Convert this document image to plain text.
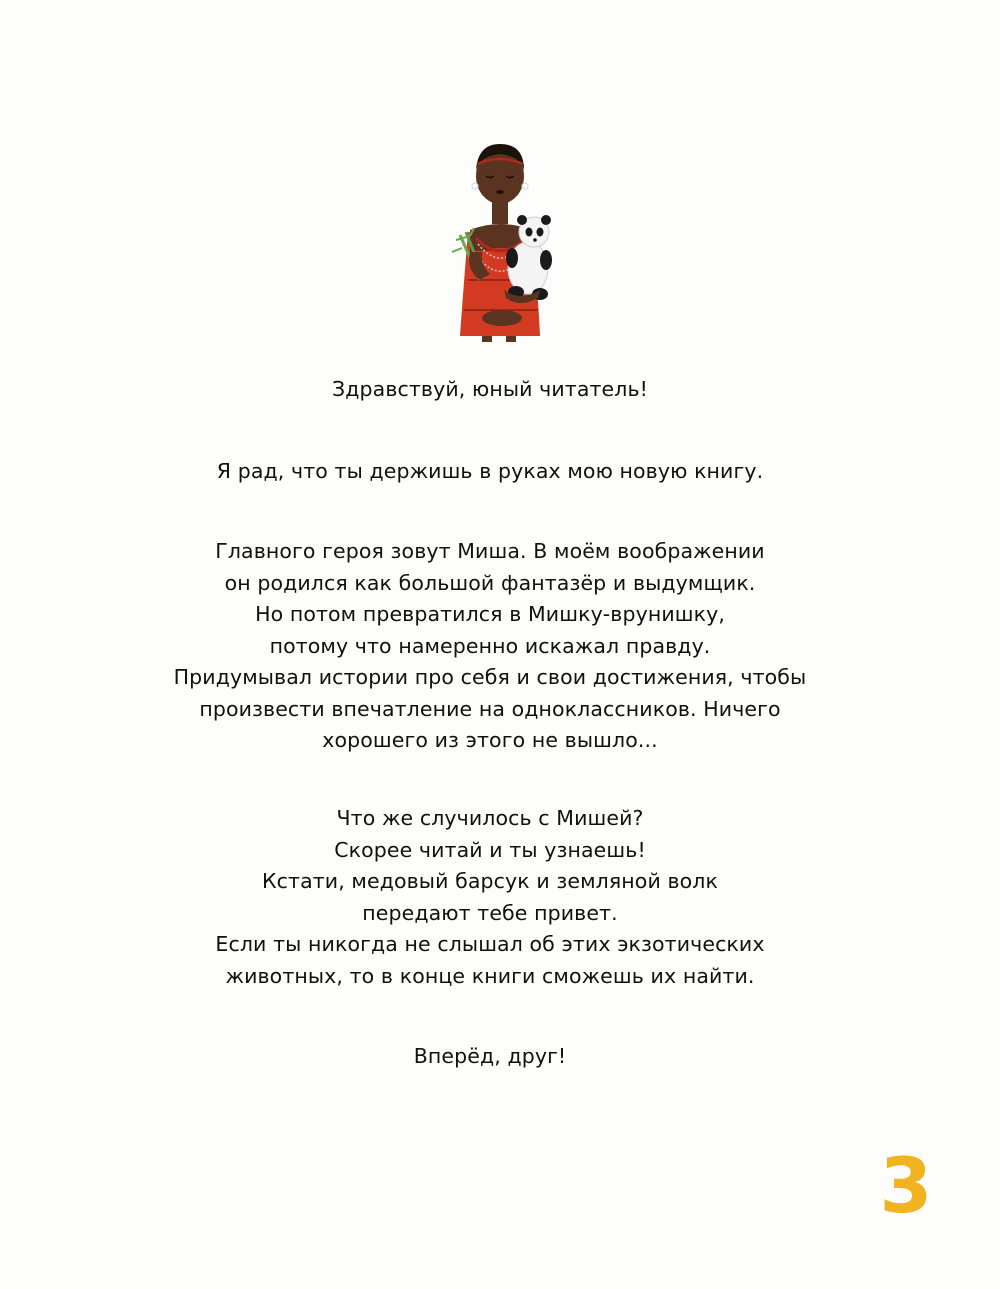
Здравствуй, юный читатель!

Я рад, что ты держишь в руках мою новую книгу.

Главного героя зовут Миша. В моём воображении

он родился как большой фантазёр и выдумщик.

Но потом превратился в Мишку-врунишку,

потому что намеренно искажал правду.

Придумывал истории про себя и свои достижения, чтобы

произвести впечатление на одноклассников. Ничего

хорошего из этого не вышло...

Что же случилось с Мишей?

Скорее читай и ты узнаешь!

Кстати, медовый барсук и земляной волк

передают тебе привет.

Если ты никогда не слышал об этих экзотических

животных, то в конце книги сможешь их найти.

Вперёд, друг!

3
